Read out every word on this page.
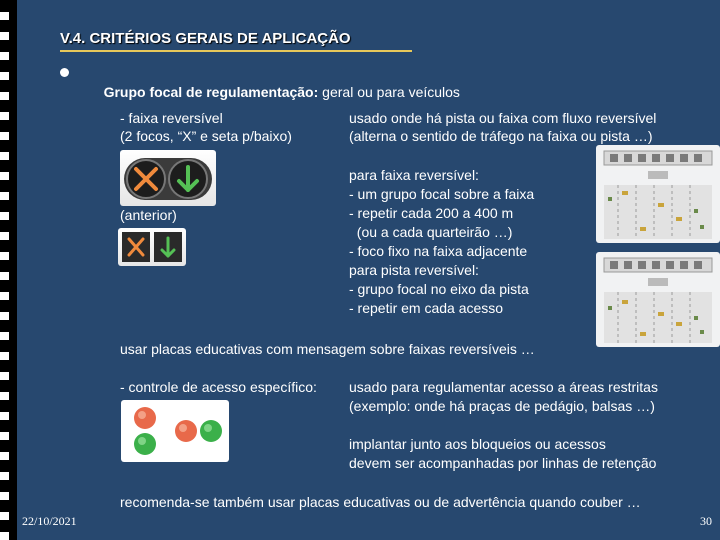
V.4. CRITÉRIOS GERAIS DE APLICAÇÃO

Grupo focal de regulamentação: geral ou para veículos

- faixa reversível
(2 focos, “X” e seta p/baixo)
usado onde há pista ou faixa com fluxo reversível
(alterna o sentido de tráfego na faixa ou pista …)
(anterior)
para faixa reversível:
- um grupo focal sobre a faixa
- repetir cada 200 a 400 m
(ou a cada quarteirão …)
- foco fixo na faixa adjacente
para pista reversível:
- grupo focal no eixo da pista
- repetir em cada acesso
usar placas educativas com mensagem sobre faixas reversíveis …
- controle de acesso específico: usado para regulamentar acesso a áreas restritas
(exemplo: onde há praças de pedágio, balsas …)
implantar junto aos bloqueios ou acessos
devem ser acompanhadas por linhas de retenção
recomenda-se também usar placas educativas ou de advertência quando couber …
22/10/2021	30
